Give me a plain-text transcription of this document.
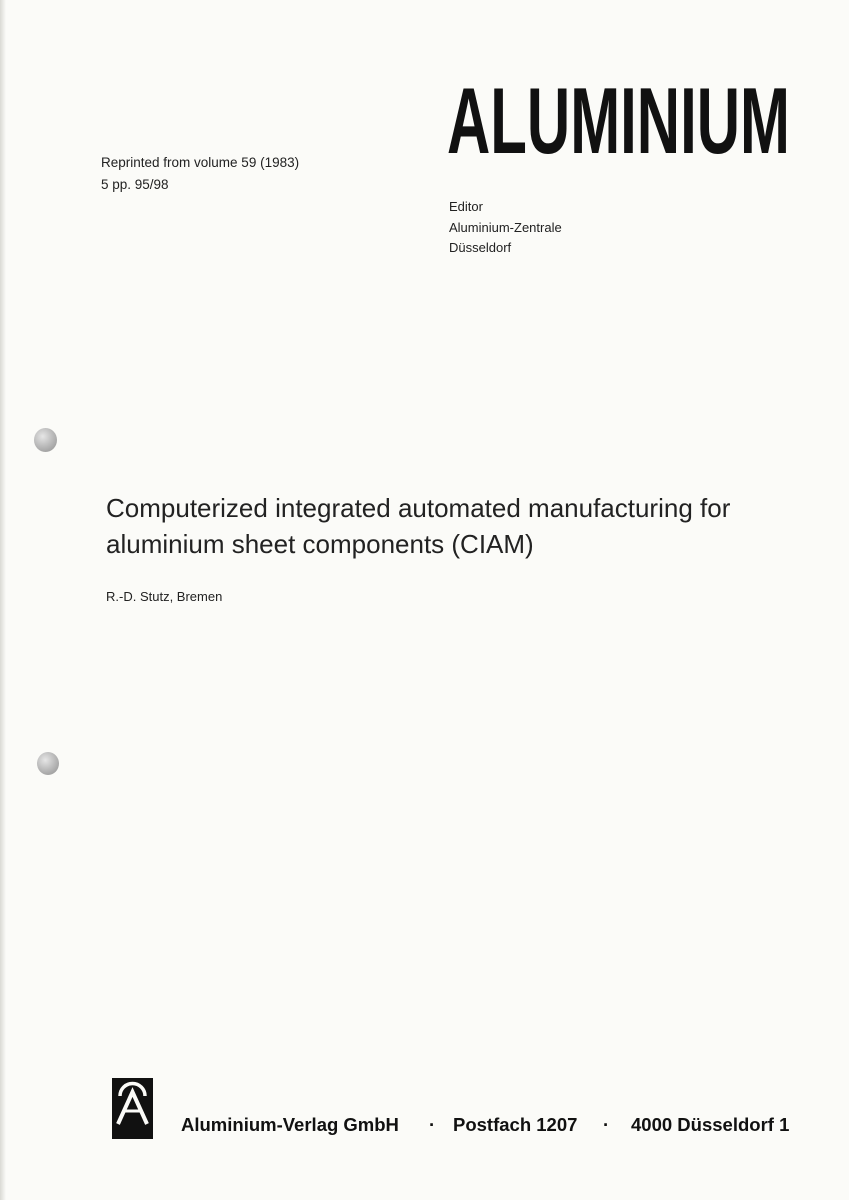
Reprinted from volume 59 (1983)
5 pp. 95/98
ALUMINIUM
Editor
Aluminium-Zentrale
Düsseldorf
Computerized integrated automated manufacturing for
aluminium sheet components (CIAM)
R.-D. Stutz, Bremen
Aluminium-Verlag GmbH · Postfach 1207 · 4000 Düsseldorf 1
